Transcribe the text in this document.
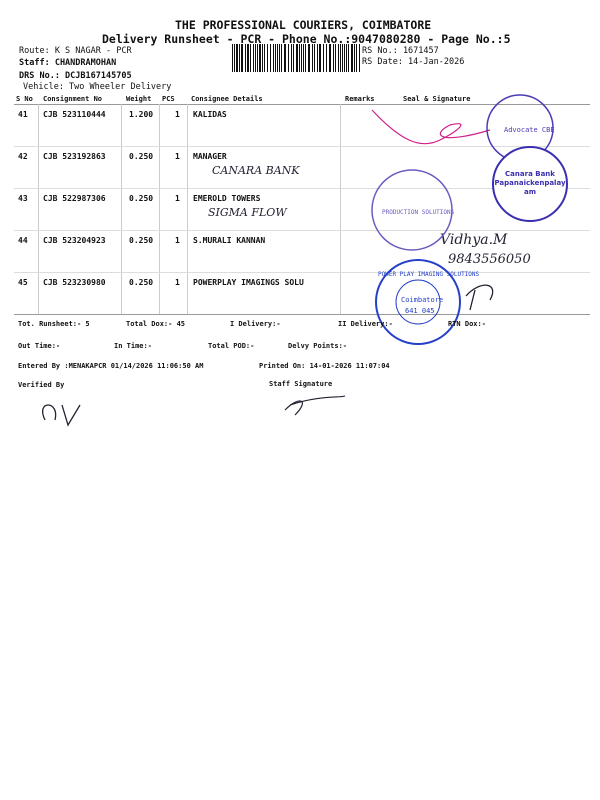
THE PROFESSIONAL COURIERS, COIMBATORE
Delivery Runsheet - PCR - Phone No.:9047080280 - Page No.:5
Route: K S NAGAR - PCR
Staff: CHANDRAMOHAN
DRS No.: DCJB167145705
Vehicle: Two Wheeler Delivery
RS No.: 1671457
RS Date: 14-Jan-2026
S No Consignment No	Weight PCS Consignee Details	Remarks	Seal & Signature
41 CJB 523110444	1.200	1 KALIDAS
42 CJB 523192863	0.250	1 MANAGER
43 CJB 522987306	0.250	1 EMEROLD TOWERS
44 CJB 523204923	0.250	1 S.MURALI KANNAN
45 CJB 523230980	0.250	1 POWERPLAY IMAGINGS SOLU
CANARA BANK
SIGMA FLOW
Vidhya.M
9843556050
Advocate CBE
PRODUCTION SOLUTIONS
POWER PLAY IMAGING SOLUTIONS
Coimbatore
641 045
Canara Bank Papanaickenpalayam
Tot. Runsheet:- 5	Total Dox:- 45	I Delivery:-	II Delivery:-	RTN Dox:-
Out Time:-	In Time:-	Total POD:-	Delvy Points:-
Entered By :MENAKAPCR 01/14/2026 11:06:50 AM	Printed On: 14-01-2026 11:07:04
Verified By	Staff Signature
